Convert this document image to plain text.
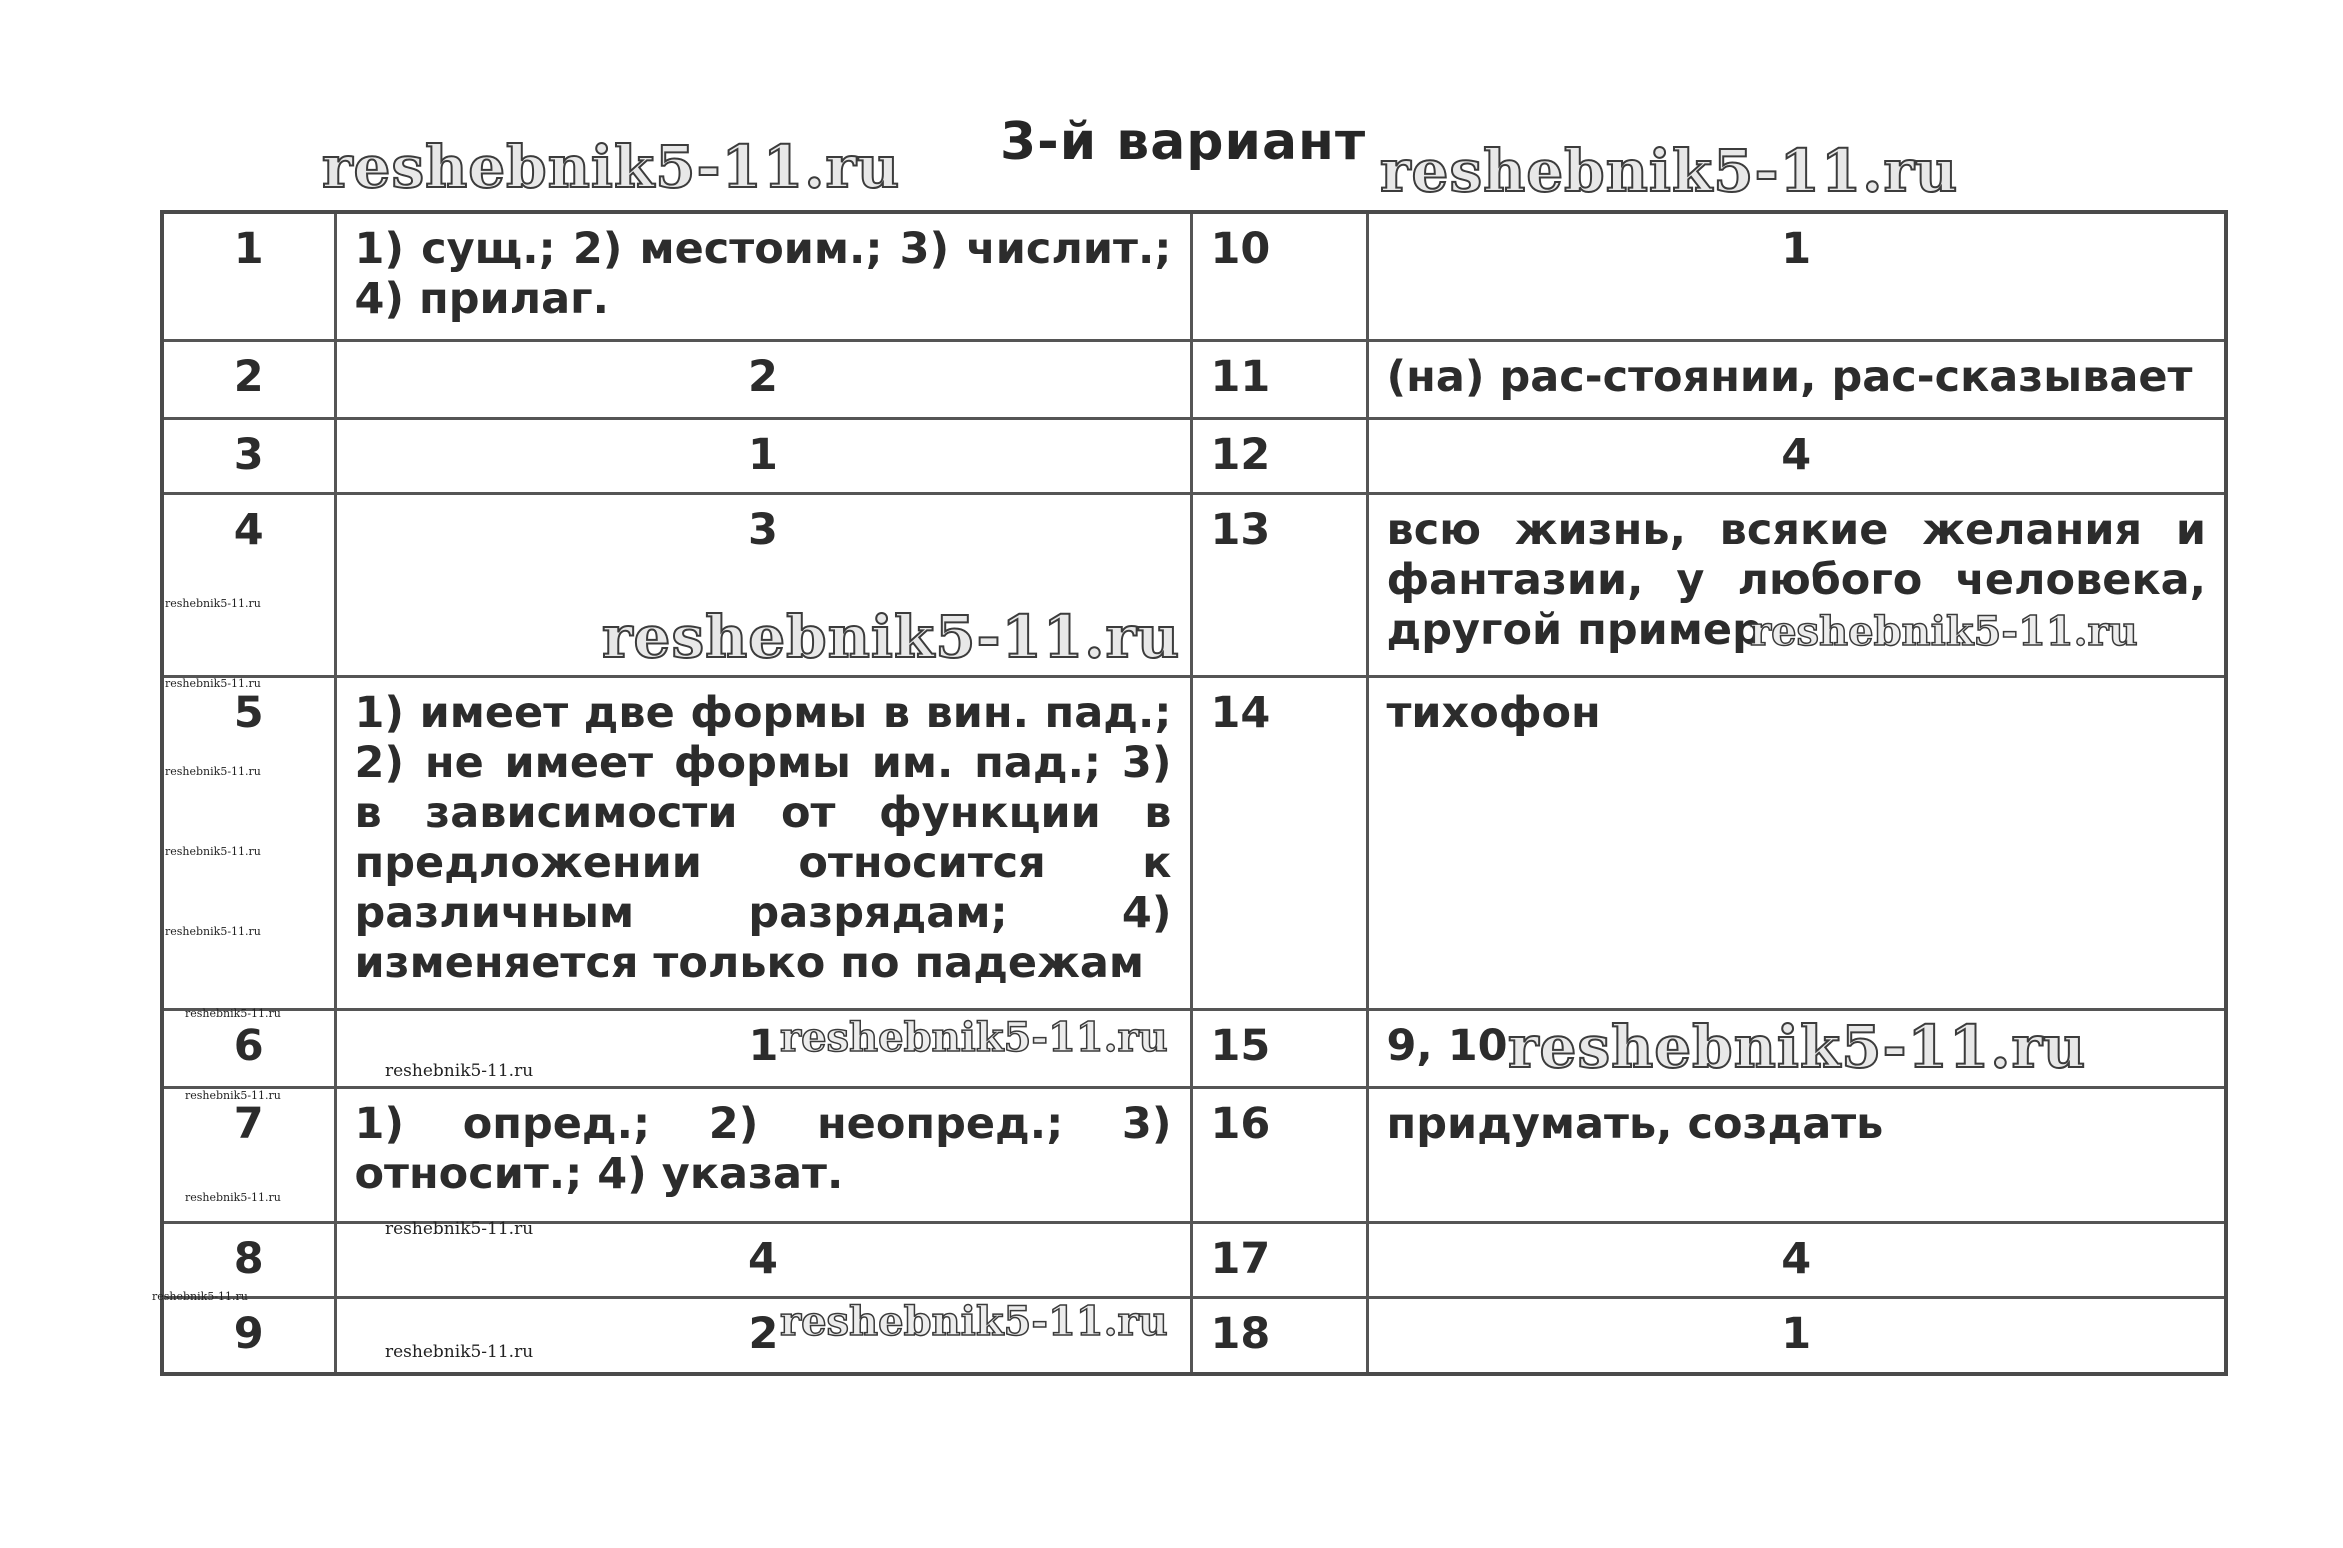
3-й вариант
1	1) сущ.; 2) местоим.; 3) числит.; 4) прилаг.	10	1
2	2	11	(на) рас-стоянии, рас-сказывает
3	1	12	4
4	3	13	всю жизнь, всякие желания и фантазии, у любого человека, другой пример
5	1) имеет две формы в вин. пад.; 2) не имеет формы им. пад.; 3) в зависимости от функции в предложении относится к различным разрядам; 4) изменяется только по падежам	14	тихофон
6	1	15	9, 10
7	1) опред.; 2) неопред.; 3) относит.; 4) указат.	16	придумать, создать
8	4	17	4
9	2	18	1
reshebnik5-11.ru	reshebnik5-11.ru
reshebnik5-11.ru
reshebnik5-11.ru
reshebnik5-11.ru
reshebnik5-11.ru
reshebnik5-11.ru
reshebnik5-11.ru
reshebnik5-11.ru
reshebnik5-11.ru
reshebnik5-11.ru
reshebnik5-11.ru
reshebnik5-11.ru
reshebnik5-11.ru
reshebnik5-11.ru
reshebnik5-11.ru
reshebnik5-11.ru
reshebnik5-11.ru
reshebnik5-11.ru
